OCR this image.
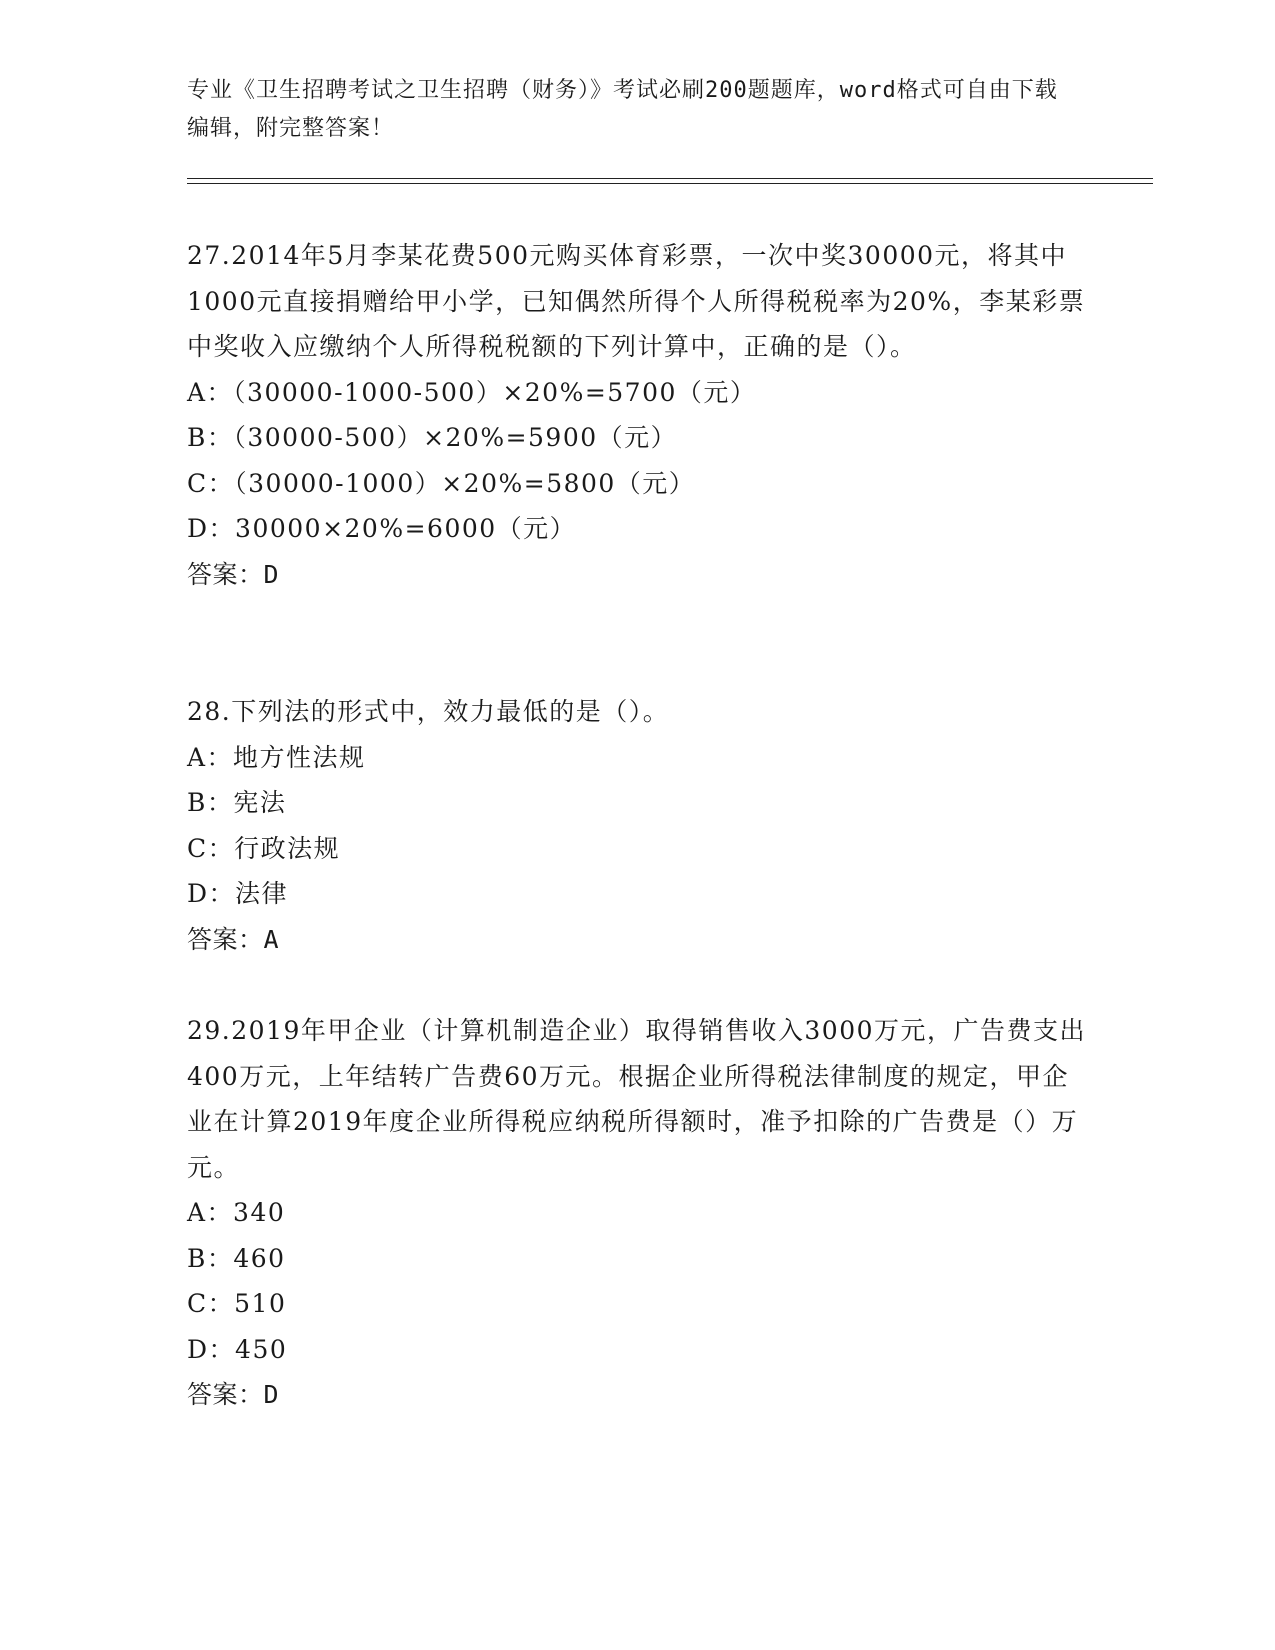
专业《卫生招聘考试之卫生招聘（财务）》考试必刷200题题库，word格式可自由下载编辑，附完整答案！

27.2014年5月李某花费500元购买体育彩票，一次中奖30000元，将其中1000元直接捐赠给甲小学，已知偶然所得个人所得税税率为20%，李某彩票中奖收入应缴纳个人所得税税额的下列计算中，正确的是（）。

A：（30000-1000-500）×20%=5700（元）

B：（30000-500）×20%=5900（元）

C：（30000-1000）×20%=5800（元）

D：30000×20%=6000（元）

答案：D

28.下列法的形式中，效力最低的是（）。

A：地方性法规

B：宪法

C：行政法规

D：法律

答案：A

29.2019年甲企业（计算机制造企业）取得销售收入3000万元，广告费支出400万元，上年结转广告费60万元。根据企业所得税法律制度的规定，甲企业在计算2019年度企业所得税应纳税所得额时，准予扣除的广告费是（）万元。

A：340

B：460

C：510

D：450

答案：D
